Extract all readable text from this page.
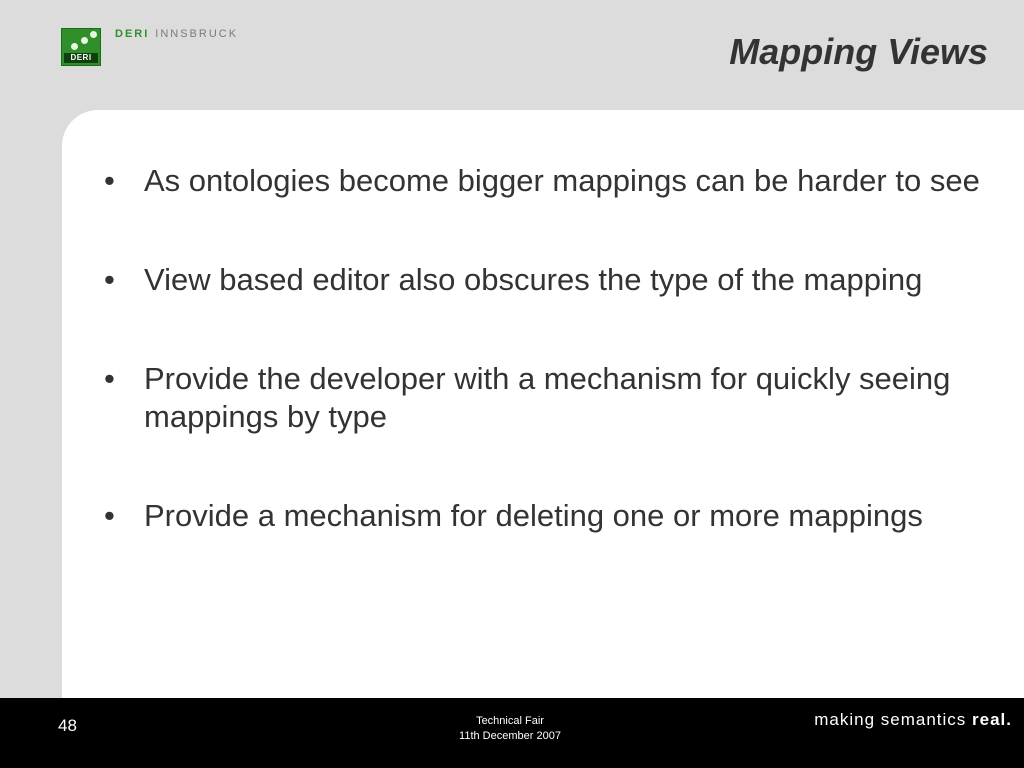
DERI
DERI INNSBRUCK	Mapping Views
• As ontologies become bigger mappings can be harder to see
• View based editor also obscures the type of the mapping
• Provide the developer with a mechanism for quickly seeing mappings by type
• Provide a mechanism for deleting one or more mappings
48	Technical Fair
11th December 2007
making semantics real.
